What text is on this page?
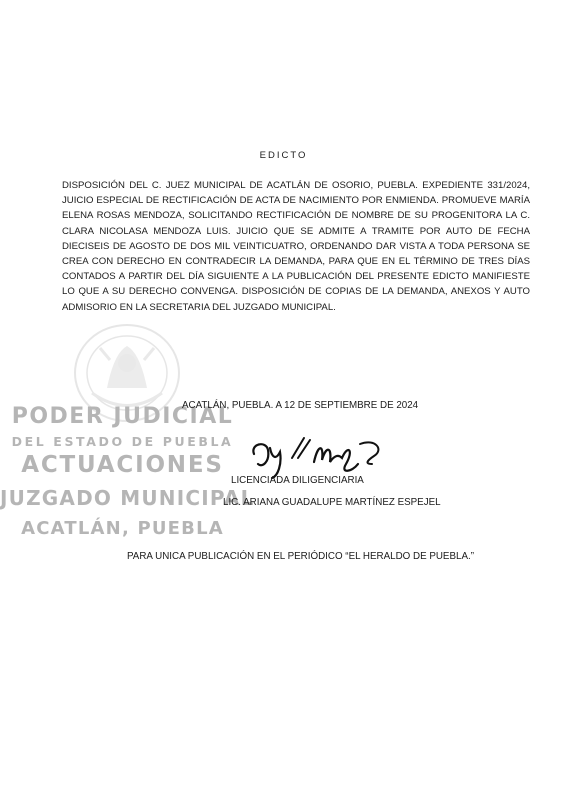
EDICTO
DISPOSICIÓN DEL C. JUEZ MUNICIPAL DE ACATLÁN DE OSORIO, PUEBLA. EXPEDIENTE 331/2024, JUICIO ESPECIAL DE RECTIFICACIÓN DE ACTA DE NACIMIENTO POR ENMIENDA. PROMUEVE MARÍA ELENA ROSAS MENDOZA, SOLICITANDO RECTIFICACIÓN DE NOMBRE DE SU PROGENITORA LA C. CLARA NICOLASA MENDOZA LUIS. JUICIO QUE SE ADMITE A TRAMITE POR AUTO DE FECHA DIECISEIS DE AGOSTO DE DOS MIL VEINTICUATRO, ORDENANDO DAR VISTA A TODA PERSONA SE CREA CON DERECHO EN CONTRADECIR LA DEMANDA, PARA QUE EN EL TÉRMINO DE TRES DÍAS CONTADOS A PARTIR DEL DÍA SIGUIENTE A LA PUBLICACIÓN DEL PRESENTE EDICTO MANIFIESTE LO QUE A SU DERECHO CONVENGA. DISPOSICIÓN DE COPIAS DE LA DEMANDA, ANEXOS Y AUTO ADMISORIO EN LA SECRETARIA DEL JUZGADO MUNICIPAL.
PODER JUDICIAL
DEL ESTADO DE PUEBLA
ACTUACIONES
JUZGADO MUNICIPAL
ACATLÁN, PUEBLA
ACATLÁN, PUEBLA. A 12 DE SEPTIEMBRE DE 2024
LICENCIADA DILIGENCIARIA
LIC. ARIANA GUADALUPE MARTÍNEZ ESPEJEL
PARA UNICA PUBLICACIÓN EN EL PERIÓDICO “EL HERALDO DE PUEBLA.”
